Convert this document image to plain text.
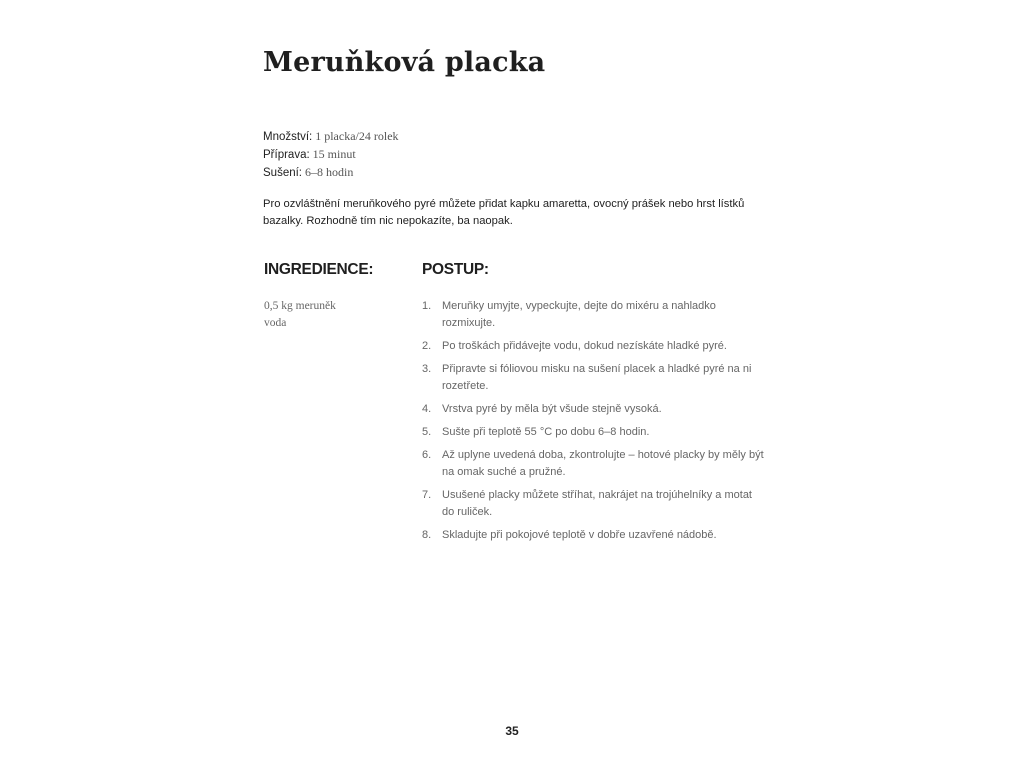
Meruňková placka
Množství: 1 placka/24 rolek
Příprava: 15 minut
Sušení: 6–8 hodin

Pro ozvláštnění meruňkového pyré můžete přidat kapku amaretta, ovocný prášek nebo hrst lístků bazalky. Rozhodně tím nic nepokazíte, ba naopak.

INGREDIENCE:	POSTUP:
0,5 kg meruněk
voda
1. Meruňky umyjte, vypeckujte, dejte do mixéru a nahladko rozmixujte.
2. Po troškách přidávejte vodu, dokud nezískáte hladké pyré.
3. Připravte si fóliovou misku na sušení placek a hladké pyré na ni rozetřete.
4. Vrstva pyré by měla být všude stejně vysoká.
5. Sušte při teplotě 55 °C po dobu 6–8 hodin.
6. Až uplyne uvedená doba, zkontrolujte – hotové placky by měly být na omak suché a pružné.
7. Usušené placky můžete stříhat, nakrájet na trojúhelníky a motat do ruliček.
8. Skladujte při pokojové teplotě v dobře uzavřené nádobě.
35
